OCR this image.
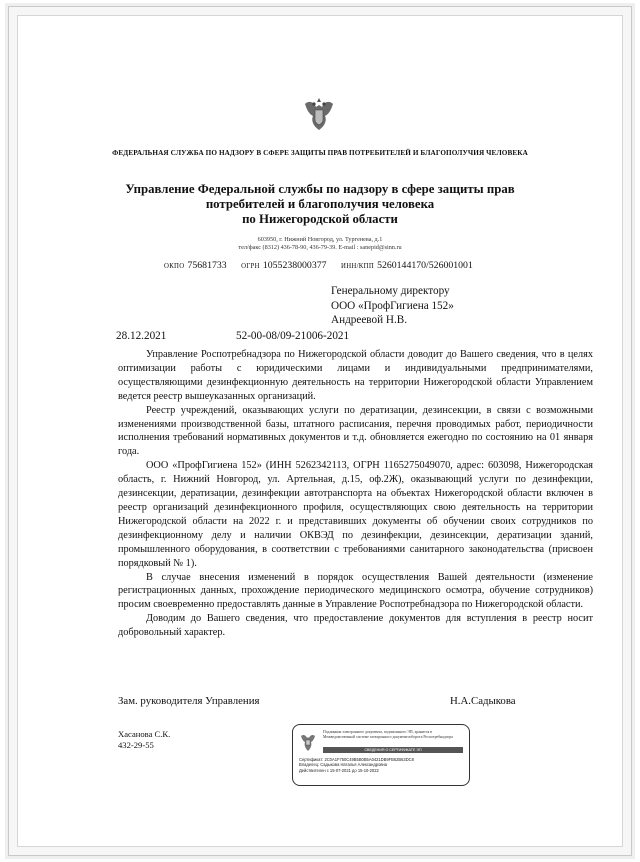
ФЕДЕРАЛЬНАЯ СЛУЖБА ПО НАДЗОРУ В СФЕРЕ ЗАЩИТЫ ПРАВ ПОТРЕБИТЕЛЕЙ И БЛАГОПОЛУЧИЯ ЧЕЛОВЕКА
Управление Федеральной службы по надзору в сфере защиты прав
потребителей и благополучия человека
по Нижегородской области
603950, г. Нижний Новгород, ул. Тургенева, д.1
тел/факс (8312) 436-78-90, 436-79-39. E-mail : sanepid@sinn.ru
ОКПО 75681733 ОГРН 1055238000377 ИНН/КПП 5260144170/526001001
Генеральному директору
ООО «ПрофГигиена 152»
Андреевой Н.В.
28.12.2021	52-00-08/09-21006-2021

Управление Роспотребнадзора по Нижегородской области доводит до Вашего сведения, что в целях оптимизации работы с юридическими лицами и индивидуальными предпринимателями, осуществляющими дезинфекционную деятельность на территории Нижегородской области Управлением ведется реестр вышеуказанных организаций.

Реестр учреждений, оказывающих услуги по дератизации, дезинсекции, в связи с возможными изменениями производственной базы, штатного расписания, перечня проводимых работ, периодичности исполнения требований нормативных документов и т.д. обновляется ежегодно по состоянию на 01 января года.

ООО «ПрофГигиена 152» (ИНН 5262342113, ОГРН 1165275049070, адрес: 603098, Нижегородская область, г. Нижний Новгород, ул. Артельная, д.15, оф.2Ж), оказывающий услуги по дезинфекции, дезинсекции, дератизации, дезинфекции автотранспорта на объектах Нижегородской области включен в реестр организаций дезинфекционного профиля, осуществляющих свою деятельность на территории Нижегородской области на 2022 г. и представивших документы об обучении своих сотрудников по дезинфекционному делу и наличии ОКВЭД по дезинфекции, дезинсекции, дератизации зданий, промышленного оборудования, в соответствии с требованиями санитарного законодательства (присвоен порядковый № 1).

В случае внесения изменений в порядок осуществления Вашей деятельности (изменение регистрационных данных, прохождение периодического медицинского осмотра, обучение сотрудников) просим своевременно предоставлять данные в Управление Роспотребнадзора по Нижегородской области.

Доводим до Вашего сведения, что предоставление документов для вступления в реестр носит добровольный характер.

Зам. руководителя Управления	Н.А.Садыкова
Хасанова С.К.
432-29-55
Подлинник электронного документа, подписанного ЭП, хранится в Межведомственной системе электронного документооборота Роспотребнадзора
СВЕДЕНИЯ О СЕРТИФИКАТЕ ЭП
Сертификат: 2C0A1F750C49B5B0B5A0421DB9FB62B63DC8
Владелец: Садыкова Наталья Александровна
Действителен с 15-07-2021 до 15-10-2022
